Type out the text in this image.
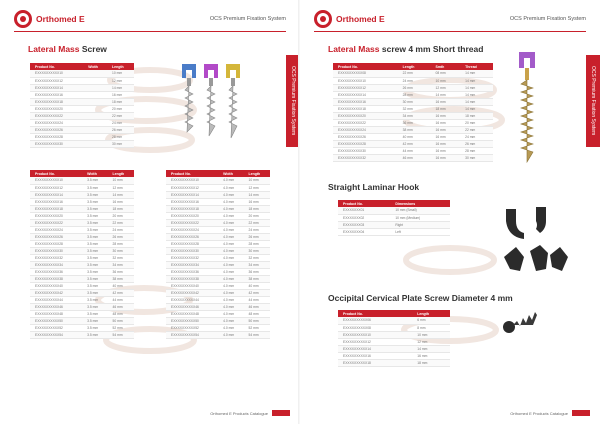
Orthomed E	OCS Premium Fixation System
Lateral Mass Screw
OCS Premium Fixation System
Product No.	Width	Length
EXXXXXXXXXX10		10 mm
EXXXXXXXXXX12		12 mm
EXXXXXXXXXX14		14 mm
EXXXXXXXXXX16		16 mm
EXXXXXXXXXX18		18 mm
EXXXXXXXXXX20		20 mm
EXXXXXXXXXX22		22 mm
EXXXXXXXXXX24		24 mm
EXXXXXXXXXX26		26 mm
EXXXXXXXXXX28		28 mm
EXXXXXXXXXX30		30 mm
Product No.	Width	Length
EXXXXXXXXXX10	3.5 mm	10 mm
EXXXXXXXXXX12	3.5 mm	12 mm
EXXXXXXXXXX14	3.5 mm	14 mm
EXXXXXXXXXX16	3.5 mm	16 mm
EXXXXXXXXXX18	3.5 mm	18 mm
EXXXXXXXXXX20	3.5 mm	20 mm
EXXXXXXXXXX22	3.5 mm	22 mm
EXXXXXXXXXX24	3.5 mm	24 mm
EXXXXXXXXXX26	3.5 mm	26 mm
EXXXXXXXXXX28	3.5 mm	28 mm
EXXXXXXXXXX30	3.5 mm	30 mm
EXXXXXXXXXX32	3.5 mm	32 mm
EXXXXXXXXXX34	3.5 mm	34 mm
EXXXXXXXXXX36	3.5 mm	36 mm
EXXXXXXXXXX38	3.5 mm	38 mm
EXXXXXXXXXX40	3.5 mm	40 mm
EXXXXXXXXXX42	3.5 mm	42 mm
EXXXXXXXXXX44	3.5 mm	44 mm
EXXXXXXXXXX46	3.5 mm	46 mm
EXXXXXXXXXX48	3.5 mm	48 mm
EXXXXXXXXXX50	3.5 mm	50 mm
EXXXXXXXXXX52	3.5 mm	52 mm
EXXXXXXXXXX54	3.5 mm	54 mm
Product No.	Width	Length
EXXXXXXXXXX10	4.0 mm	10 mm
EXXXXXXXXXX12	4.0 mm	12 mm
EXXXXXXXXXX14	4.0 mm	14 mm
EXXXXXXXXXX16	4.0 mm	16 mm
EXXXXXXXXXX18	4.0 mm	18 mm
EXXXXXXXXXX20	4.0 mm	20 mm
EXXXXXXXXXX22	4.0 mm	22 mm
EXXXXXXXXXX24	4.0 mm	24 mm
EXXXXXXXXXX26	4.0 mm	26 mm
EXXXXXXXXXX28	4.0 mm	28 mm
EXXXXXXXXXX30	4.0 mm	30 mm
EXXXXXXXXXX32	4.0 mm	32 mm
EXXXXXXXXXX34	4.0 mm	34 mm
EXXXXXXXXXX36	4.0 mm	36 mm
EXXXXXXXXXX38	4.0 mm	38 mm
EXXXXXXXXXX40	4.0 mm	40 mm
EXXXXXXXXXX42	4.0 mm	42 mm
EXXXXXXXXXX44	4.0 mm	44 mm
EXXXXXXXXXX46	4.0 mm	46 mm
EXXXXXXXXXX48	4.0 mm	48 mm
EXXXXXXXXXX50	4.0 mm	50 mm
EXXXXXXXXXX52	4.0 mm	52 mm
EXXXXXXXXXX54	4.0 mm	54 mm
Orthomed E Products Catalogue
Orthomed E	OCS Premium Fixation System
Lateral Mass screw 4 mm Short thread
OCS Premium Fixation System
Product No.	Length	Smth	Thread
EXXXXXXXXXX08	22 mm	08 mm	14 mm
EXXXXXXXXXX10	24 mm	10 mm	14 mm
EXXXXXXXXXX12	26 mm	12 mm	14 mm
EXXXXXXXXXX14	28 mm	14 mm	14 mm
EXXXXXXXXXX16	30 mm	16 mm	14 mm
EXXXXXXXXXX18	32 mm	18 mm	14 mm
EXXXXXXXXXX20	34 mm	16 mm	18 mm
EXXXXXXXXXX22	36 mm	16 mm	20 mm
EXXXXXXXXXX24	38 mm	16 mm	22 mm
EXXXXXXXXXX26	40 mm	16 mm	24 mm
EXXXXXXXXXX28	42 mm	16 mm	26 mm
EXXXXXXXXXX30	44 mm	16 mm	28 mm
EXXXXXXXXXX32	46 mm	16 mm	30 mm
Straight Laminar Hook
Product No.	Dimensions
EXXXXXXX01	10 mm (Small)
EXXXXXXX02	10 mm (Medium)
EXXXXXXX03	Right
EXXXXXXX04	Left
Occipital Cervical Plate Screw Diameter 4 mm
Product No.	Length
EXXXXXXXXXX06	6 mm
EXXXXXXXXXX08	8 mm
EXXXXXXXXXX10	10 mm
EXXXXXXXXXX12	12 mm
EXXXXXXXXXX14	14 mm
EXXXXXXXXXX16	16 mm
EXXXXXXXXXX18	18 mm
Orthomed E Products Catalogue
